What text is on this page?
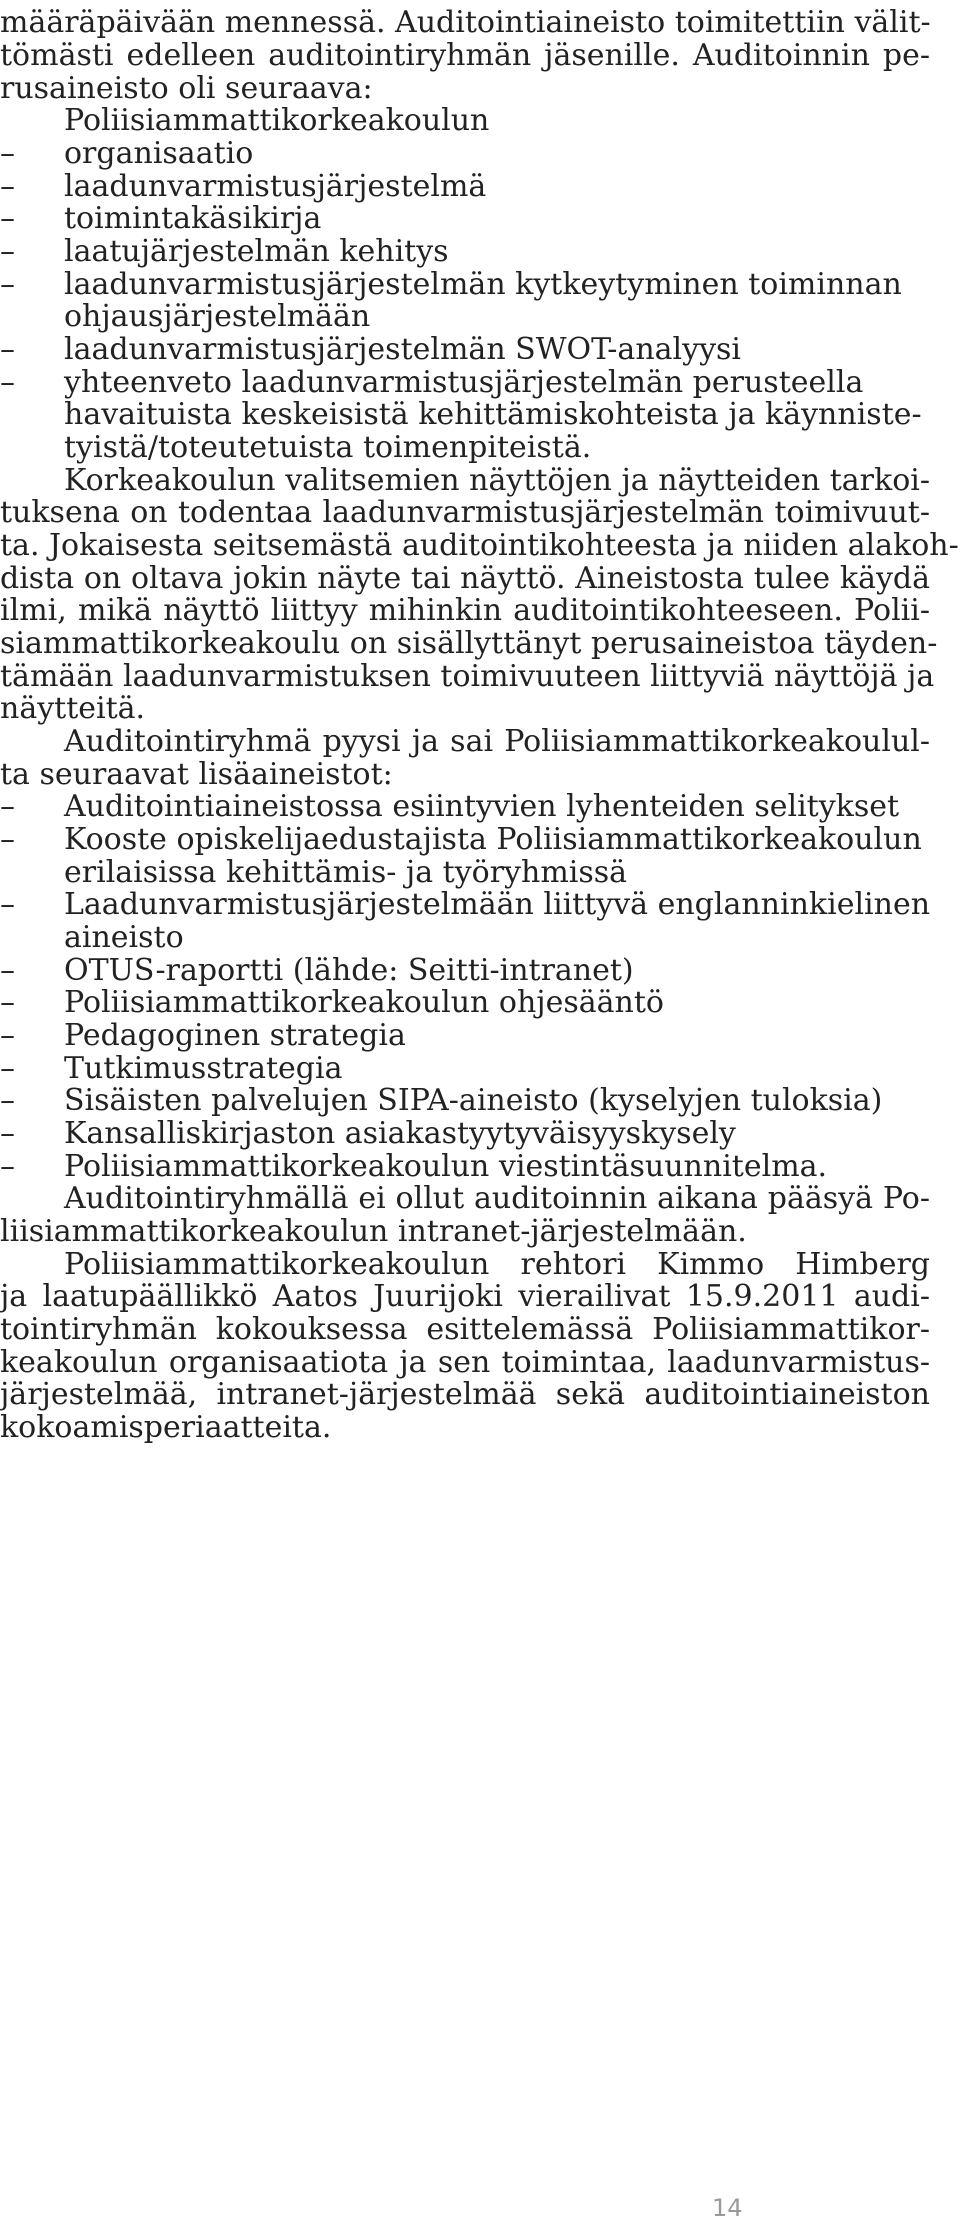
määräpäivään mennessä. Auditointiaineisto toimitettiin välit-
tömästi edelleen auditointiryhmän jäsenille. Auditoinnin pe-
rusaineisto oli seuraava:
Poliisiammattikorkeakoulun
–	organisaatio
–	laadunvarmistusjärjestelmä
–	toimintakäsikirja
–	laatujärjestelmän kehitys
–	laadunvarmistusjärjestelmän kytkeytyminen toiminnan
ohjausjärjestelmään
–	laadunvarmistusjärjestelmän SWOT-analyysi
–	yhteenveto laadunvarmistusjärjestelmän perusteella
havaituista keskeisistä kehittämiskohteista ja käynniste-
tyistä/toteutetuista toimenpiteistä.
Korkeakoulun valitsemien näyttöjen ja näytteiden tarkoi-
tuksena on todentaa laadunvarmistusjärjestelmän toimivuut-
ta. Jokaisesta seitsemästä auditointikohteesta ja niiden alakoh-
dista on oltava jokin näyte tai näyttö. Aineistosta tulee käydä
ilmi, mikä näyttö liittyy mihinkin auditointikohteeseen. Polii-
siammattikorkeakoulu on sisällyttänyt perusaineistoa täyden-
tämään laadunvarmistuksen toimivuuteen liittyviä näyttöjä ja
näytteitä.
Auditointiryhmä pyysi ja sai Poliisiammattikorkeakoulul-
ta seuraavat lisäaineistot:
–	Auditointiaineistossa esiintyvien lyhenteiden selitykset
–	Kooste opiskelijaedustajista Poliisiammattikorkeakoulun
erilaisissa kehittämis- ja työryhmissä
–	Laadunvarmistusjärjestelmään liittyvä englanninkielinen
aineisto
–	OTUS-raportti (lähde: Seitti-intranet)
–	Poliisiammattikorkeakoulun ohjesääntö
–	Pedagoginen strategia
–	Tutkimusstrategia
–	Sisäisten palvelujen SIPA-aineisto (kyselyjen tuloksia)
–	Kansalliskirjaston asiakastyytyväisyyskysely
–	Poliisiammattikorkeakoulun viestintäsuunnitelma.
Auditointiryhmällä ei ollut auditoinnin aikana pääsyä Po-
liisiammattikorkeakoulun intranet-järjestelmään.
Poliisiammattikorkeakoulun rehtori Kimmo Himberg
ja laatupäällikkö Aatos Juurijoki vierailivat 15.9.2011 audi-
tointiryhmän kokouksessa esittelemässä Poliisiammattikor-
keakoulun organisaatiota ja sen toimintaa, laadunvarmistus-
järjestelmää, intranet-järjestelmää sekä auditointiaineiston
kokoamisperiaatteita.
14
